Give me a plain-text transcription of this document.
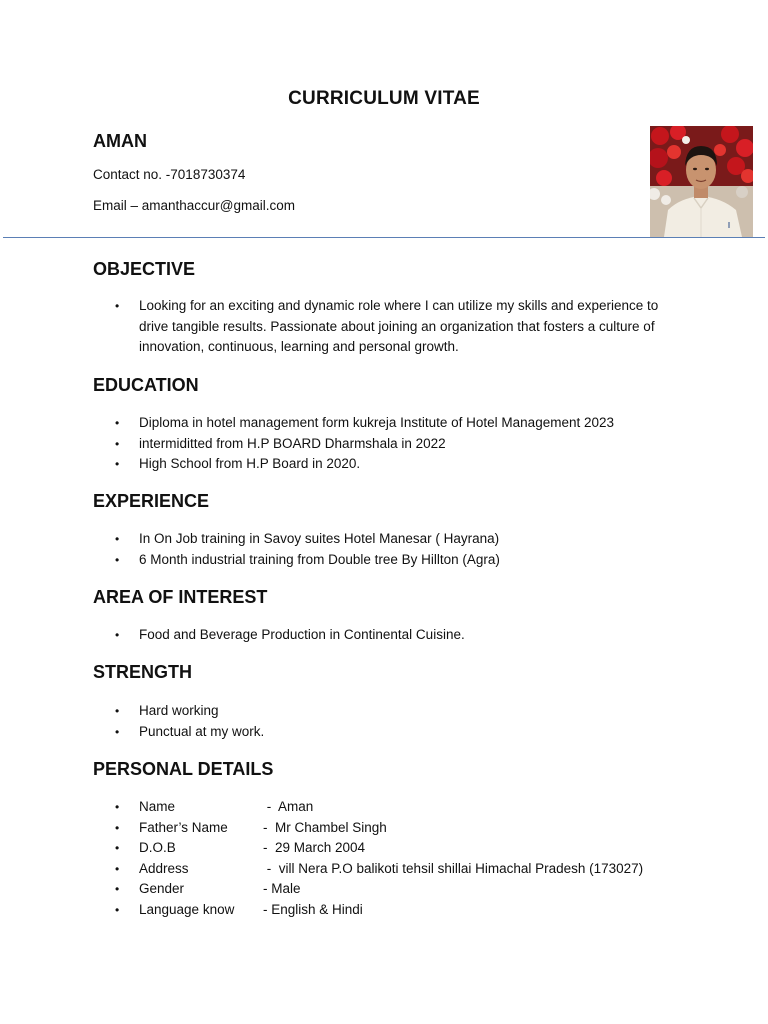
CURRICULUM VITAE
AMAN
Contact no. -7018730374
Email – amanthaccur@gmail.com
OBJECTIVE
• Looking for an exciting and dynamic role where I can utilize my skills and experience to drive tangible results. Passionate about joining an organization that fosters a culture of innovation, continuous, learning and personal growth.
EDUCATION
• Diploma in hotel management form kukreja Institute of Hotel Management 2023
• intermiditted from H.P BOARD Dharmshala in 2022
• High School from H.P Board in 2020.
EXPERIENCE
• In On Job training in Savoy suites Hotel Manesar ( Hayrana)
• 6 Month industrial training from Double tree By Hillton (Agra)
AREA OF INTEREST
• Food and Beverage Production in Continental Cuisine.
STRENGTH
• Hard working
• Punctual at my work.
PERSONAL DETAILS
• Name	-  Aman
• Father’s Name	-  Mr Chambel Singh
• D.O.B	-  29 March 2004
• Address	-  vill Nera P.O balikoti tehsil shillai Himachal Pradesh (173027)
• Gender	- Male
• Language know	- English & Hindi
